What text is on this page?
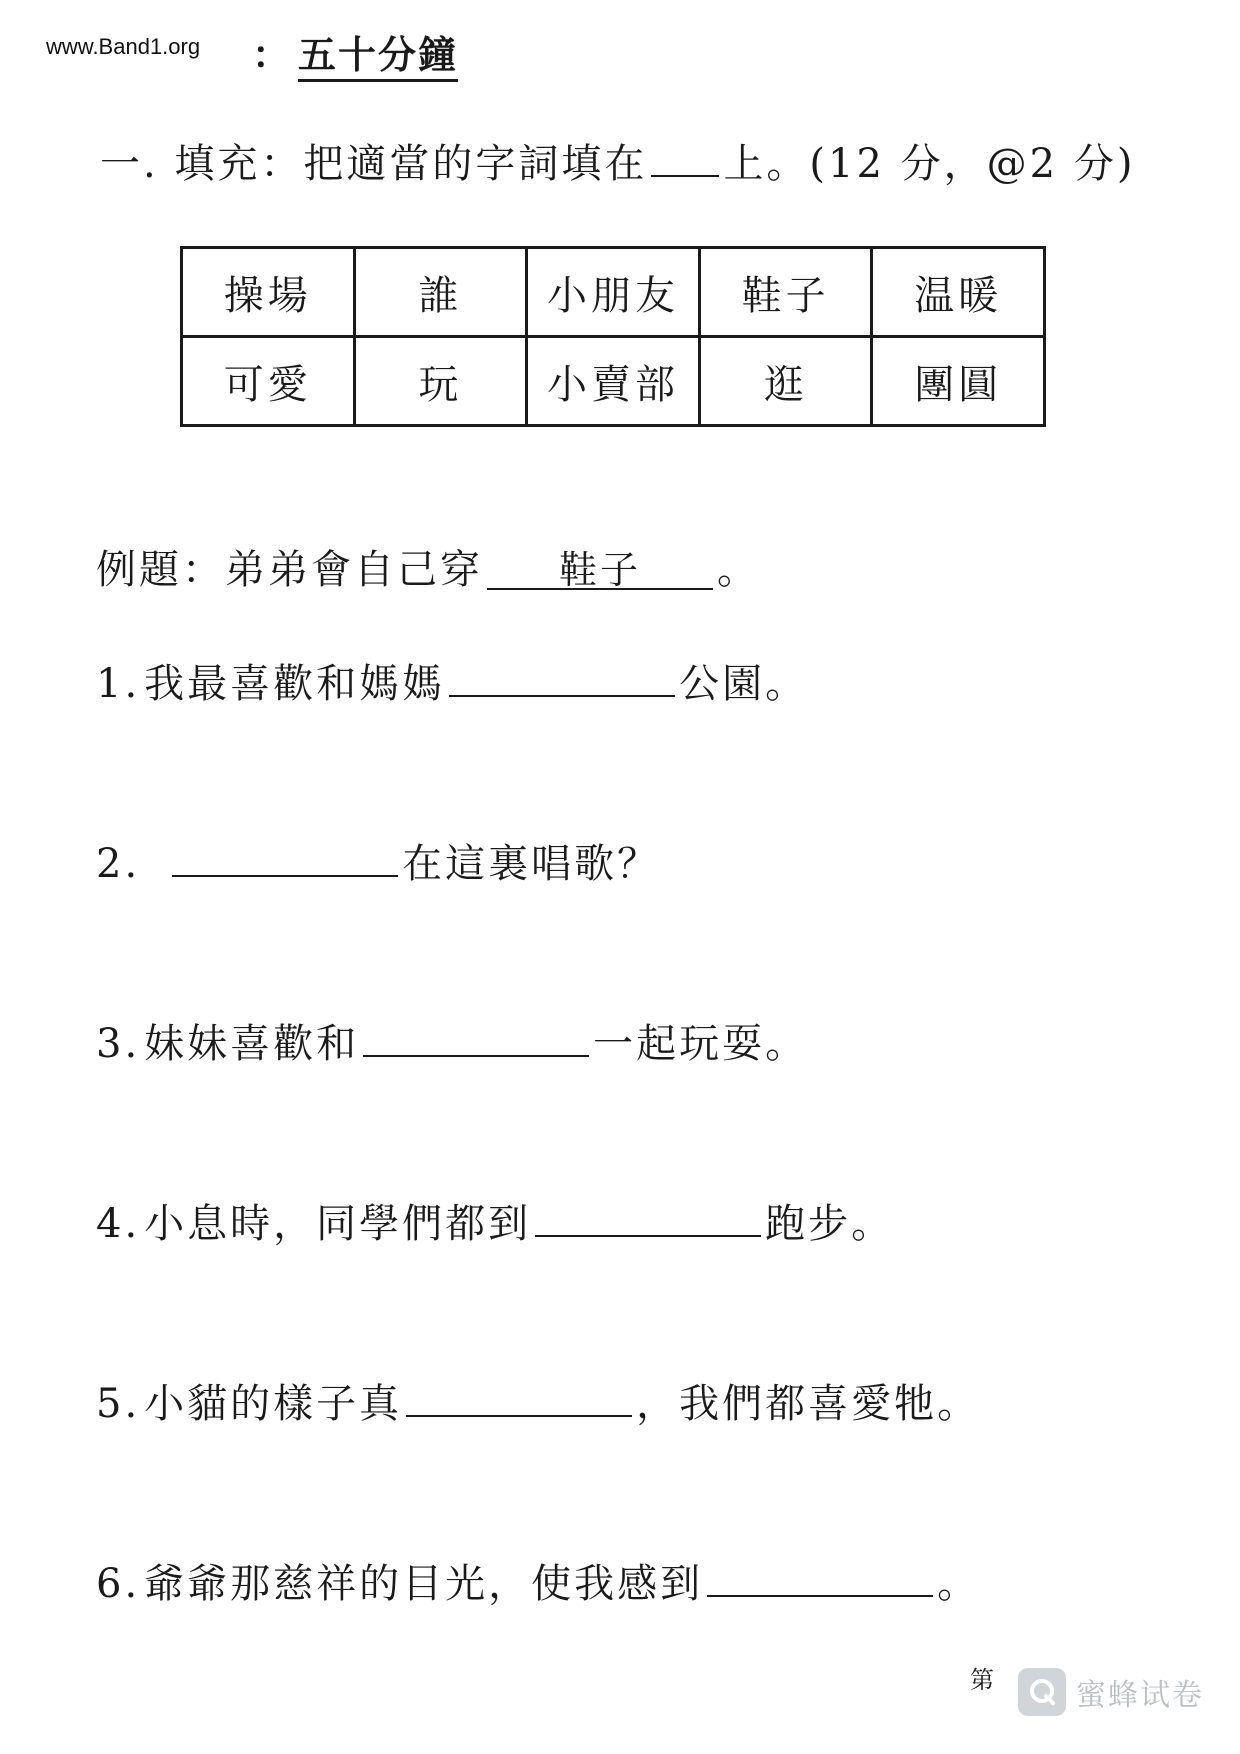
www.Band1.org ： 五十分鐘
一. 填充：把適當的字詞填在 上。(12 分，@2 分)
操場	誰	小朋友	鞋子	温暖
可愛	玩	小賣部	逛	團圓
例題：弟弟會自己穿 鞋子 。
1. 我最喜歡和媽媽	公園。
2.	在這裏唱歌？
3. 妹妹喜歡和	一起玩耍。
4. 小息時，同學們都到	跑步。
5. 小貓的樣子真	，我們都喜愛牠。
6. 爺爺那慈祥的目光，使我感到	。
第	蜜蜂试卷
